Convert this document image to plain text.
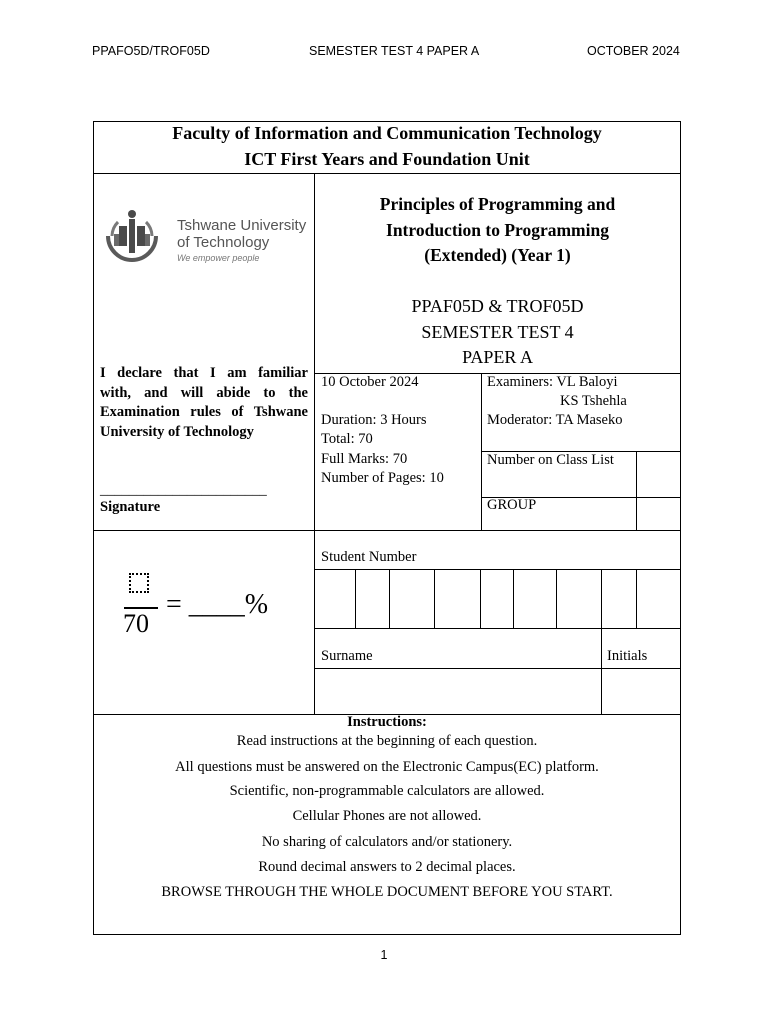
PPAFO5D/TROF05D	SEMESTER TEST 4 PAPER A	OCTOBER 2024
Faculty of Information and Communication Technology
ICT First Years and Foundation Unit
Tshwane University
of Technology
We empower people
Principles of Programming and
Introduction to Programming
(Extended) (Year 1)
PPAF05D & TROF05D
SEMESTER TEST 4
PAPER A
I declare that I am familiar
with, and will abide to the
Examination rules of Tshwane
University of Technology
_______________________
Signature
10 October 2024
Duration: 3 Hours
Total: 70
Full Marks: 70
Number of Pages: 10
Examiners: VL Baloyi
KS Tshehla
Moderator: TA Maseko
Number on Class List
GROUP
70
= ____%
Student Number
Surname	Initials
Instructions:
Read instructions at the beginning of each question.
All questions must be answered on the Electronic Campus(EC) platform.
Scientific, non-programmable calculators are allowed.
Cellular Phones are not allowed.
No sharing of calculators and/or stationery.
Round decimal answers to 2 decimal places.
BROWSE THROUGH THE WHOLE DOCUMENT BEFORE YOU START.
1
